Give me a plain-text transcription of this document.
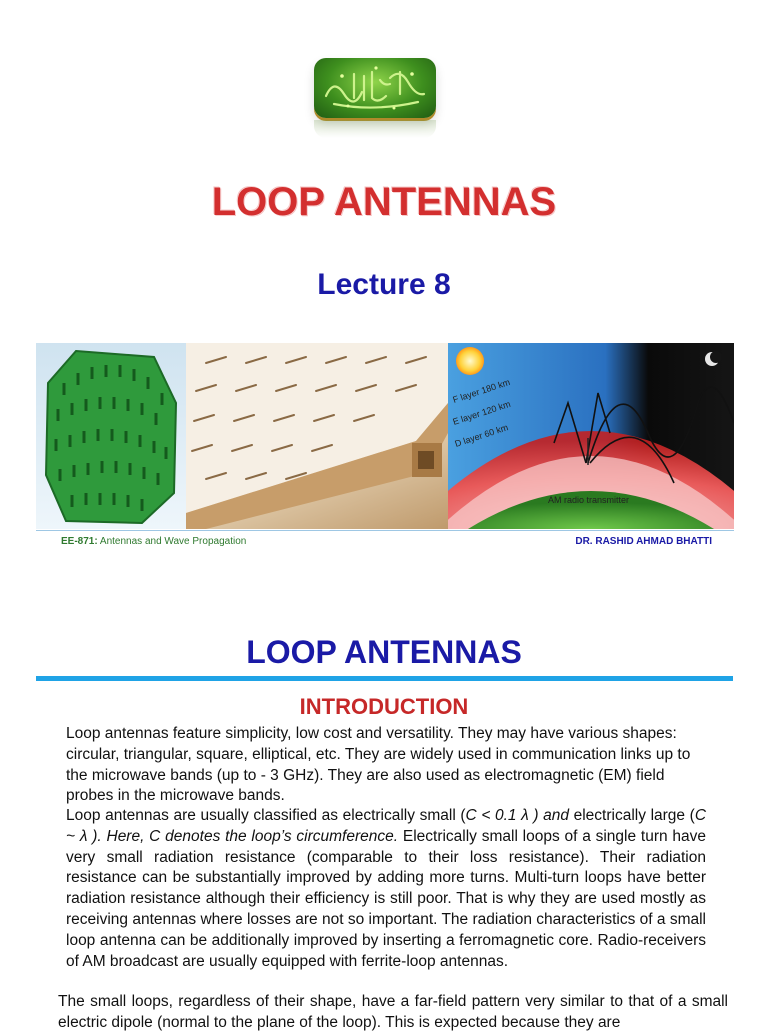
LOOP ANTENNAS
Lecture 8
F layer 180 km
E layer 120 km
D layer 60 km
AM radio transmitter
EE-871: Antennas and Wave Propagation	DR. RASHID AHMAD BHATTI
LOOP ANTENNAS
INTRODUCTION
Loop antennas feature simplicity, low cost and versatility. They may have various shapes: circular, triangular, square, elliptical, etc. They are widely used in communication links up to the microwave bands (up to - 3 GHz). They are also used as electromagnetic (EM) field probes in the microwave bands.
Loop antennas are usually classified as electrically small (C < 0.1 λ ) and electrically large (C ~ λ ). Here, C denotes the loop’s circumference. Electrically small loops of a single turn have very small radiation resistance (comparable to their loss resistance). Their radiation resistance can be substantially improved by adding more turns. Multi-turn loops have better radiation resistance although their efficiency is still poor. That is why they are used mostly as receiving antennas where losses are not so important. The radiation characteristics of a small loop antenna can be additionally improved by inserting a ferromagnetic core. Radio-receivers of AM broadcast are usually equipped with ferrite-loop antennas.
The small loops, regardless of their shape, have a far-field pattern very similar to that of a small electric dipole (normal to the plane of the loop). This is expected because they are
